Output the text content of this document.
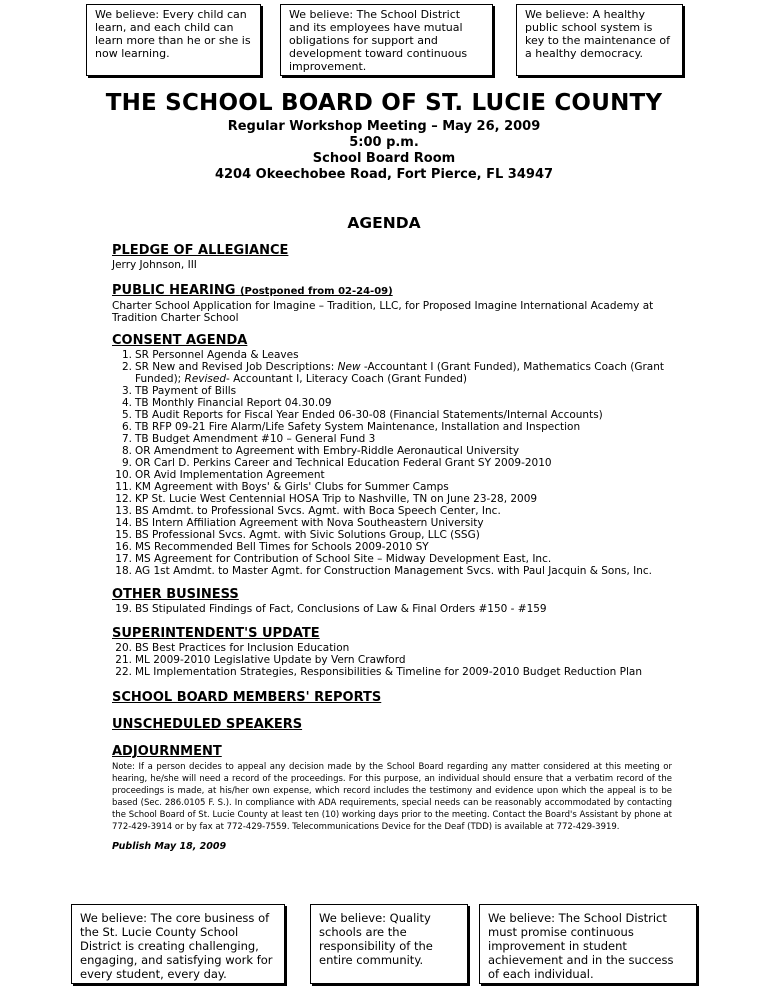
We believe: Every child can learn, and each child can learn more than he or she is now learning.
We believe: The School District and its employees have mutual obligations for support and development toward continuous improvement.
We believe: A healthy public school system is key to the maintenance of a healthy democracy.
THE SCHOOL BOARD OF ST. LUCIE COUNTY
Regular Workshop Meeting – May 26, 2009
5:00 p.m.
School Board Room
4204 Okeechobee Road, Fort Pierce, FL 34947
AGENDA
PLEDGE OF ALLEGIANCE
Jerry Johnson, III
PUBLIC HEARING (Postponed from 02-24-09)
Charter School Application for Imagine – Tradition, LLC, for Proposed Imagine International Academy at Tradition Charter School
CONSENT AGENDA
1. SR Personnel Agenda & Leaves
2. SR New and Revised Job Descriptions: New -Accountant I (Grant Funded), Mathematics Coach (Grant Funded); Revised- Accountant I, Literacy Coach (Grant Funded)
3. TB Payment of Bills
4. TB Monthly Financial Report 04.30.09
5. TB Audit Reports for Fiscal Year Ended 06-30-08 (Financial Statements/Internal Accounts)
6. TB RFP 09-21 Fire Alarm/Life Safety System Maintenance, Installation and Inspection
7. TB Budget Amendment #10 – General Fund 3
8. OR Amendment to Agreement with Embry-Riddle Aeronautical University
9. OR Carl D. Perkins Career and Technical Education Federal Grant SY 2009-2010
10. OR Avid Implementation Agreement
11. KM Agreement with Boys' & Girls' Clubs for Summer Camps
12. KP St. Lucie West Centennial HOSA Trip to Nashville, TN on June 23-28, 2009
13. BS Amdmt. to Professional Svcs. Agmt. with Boca Speech Center, Inc.
14. BS Intern Affiliation Agreement with Nova Southeastern University
15. BS Professional Svcs. Agmt. with Sivic Solutions Group, LLC (SSG)
16. MS Recommended Bell Times for Schools 2009-2010 SY
17. MS Agreement for Contribution of School Site – Midway Development East, Inc.
18. AG 1st Amdmt. to Master Agmt. for Construction Management Svcs. with Paul Jacquin & Sons, Inc.
OTHER BUSINESS
19. BS Stipulated Findings of Fact, Conclusions of Law & Final Orders #150 - #159
SUPERINTENDENT'S UPDATE
20. BS Best Practices for Inclusion Education
21. ML 2009-2010 Legislative Update by Vern Crawford
22. ML Implementation Strategies, Responsibilities & Timeline for 2009-2010 Budget Reduction Plan
SCHOOL BOARD MEMBERS' REPORTS
UNSCHEDULED SPEAKERS
ADJOURNMENT
Note: If a person decides to appeal any decision made by the School Board regarding any matter considered at this meeting or hearing, he/she will need a record of the proceedings. For this purpose, an individual should ensure that a verbatim record of the proceedings is made, at his/her own expense, which record includes the testimony and evidence upon which the appeal is to be based (Sec. 286.0105 F. S.). In compliance with ADA requirements, special needs can be reasonably accommodated by contacting the School Board of St. Lucie County at least ten (10) working days prior to the meeting. Contact the Board's Assistant by phone at 772-429-3914 or by fax at 772-429-7559. Telecommunications Device for the Deaf (TDD) is available at 772-429-3919.
Publish May 18, 2009
We believe: The core business of the St. Lucie County School District is creating challenging, engaging, and satisfying work for every student, every day.
We believe: Quality schools are the responsibility of the entire community.
We believe: The School District must promise continuous improvement in student achievement and in the success of each individual.
